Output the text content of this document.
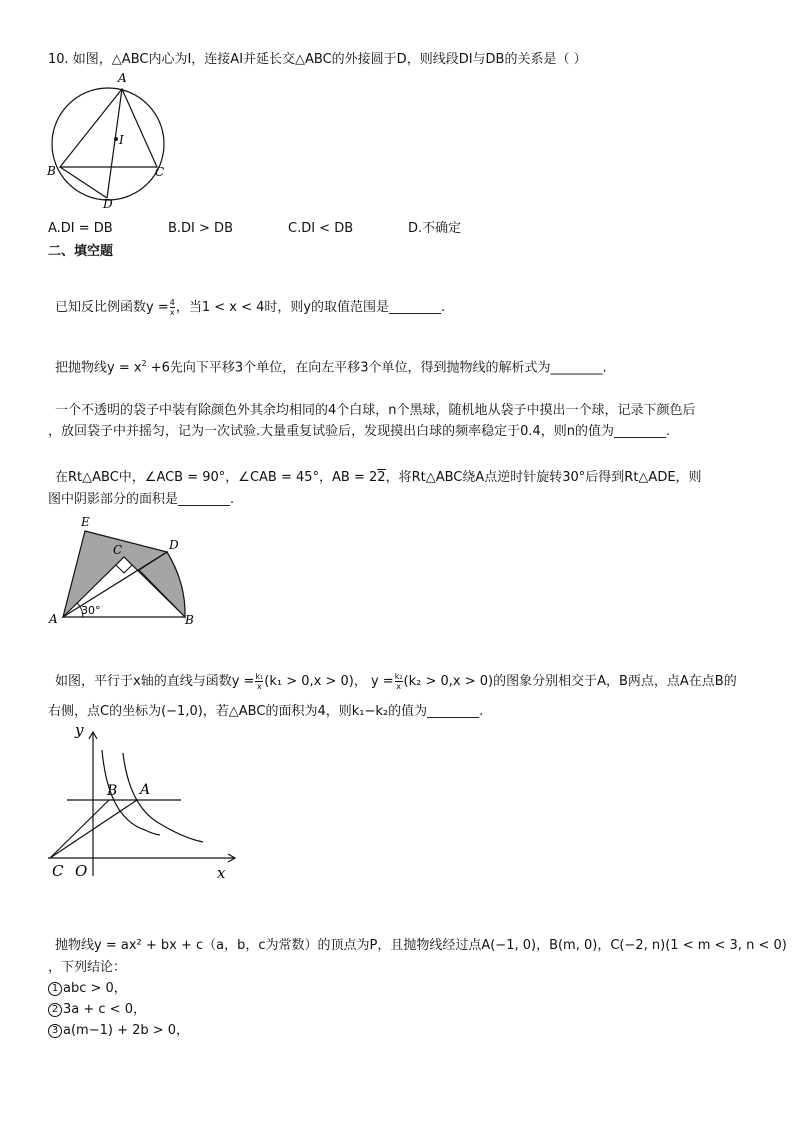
10. 如图，△ABC内心为I，连接AI并延长交△ABC的外接圆于D，则线段DI与DB的关系是（ ）
A
I
B	C
D
A.DI = DB	B.DI > DB	C.DI < DB	D.不确定
二、填空题
已知反比例函数$y = \frac{4}{x}$ ，当1 < x < 4时，则y的取值范围是________.
把抛物线$y = x^2 +6$先向下平移3个单位，在向左平移3个单位，得到抛物线的解析式为________.
一个不透明的袋子中装有除颜色外其余均相同的4个白球，n个黑球，随机地从袋子中摸出一个球，记录下颜色后
，放回袋子中并摇匀，记为一次试验.大量重复试验后，发现摸出白球的频率稳定于0.4，则n的值为________.
在Rt△ABC中，∠ACB = 90°，∠CAB = 45°，AB = 22，将Rt△ABC绕A点逆时针旋转30°后得到Rt△ADE，则
图中阴影部分的面积是________.
E
C	D
A	B
30°
如图，平行于x轴的直线与函数$y = \frac{\text{k₁}}{x} (k_1 > 0,x > 0)$， $y = \frac{\text{k₂}}{x} (k_2 > 0,x > 0)$的图象分别相交于A，B两点，点A在点B的
右侧，点C的坐标为(−1,0)，若△ABC的面积为4，则k₁−k₂的值为________.
y
x
B A
C O
抛物线y = ax² + bx + c（a，b，c为常数）的顶点为P，且抛物线经过点A(−1, 0)，B(m, 0)，C(−2, n)(1 < m < 3, n < 0)
，下列结论：
1 abc > 0，
2 3a + c < 0，
3 a(m−1) + 2b > 0，
